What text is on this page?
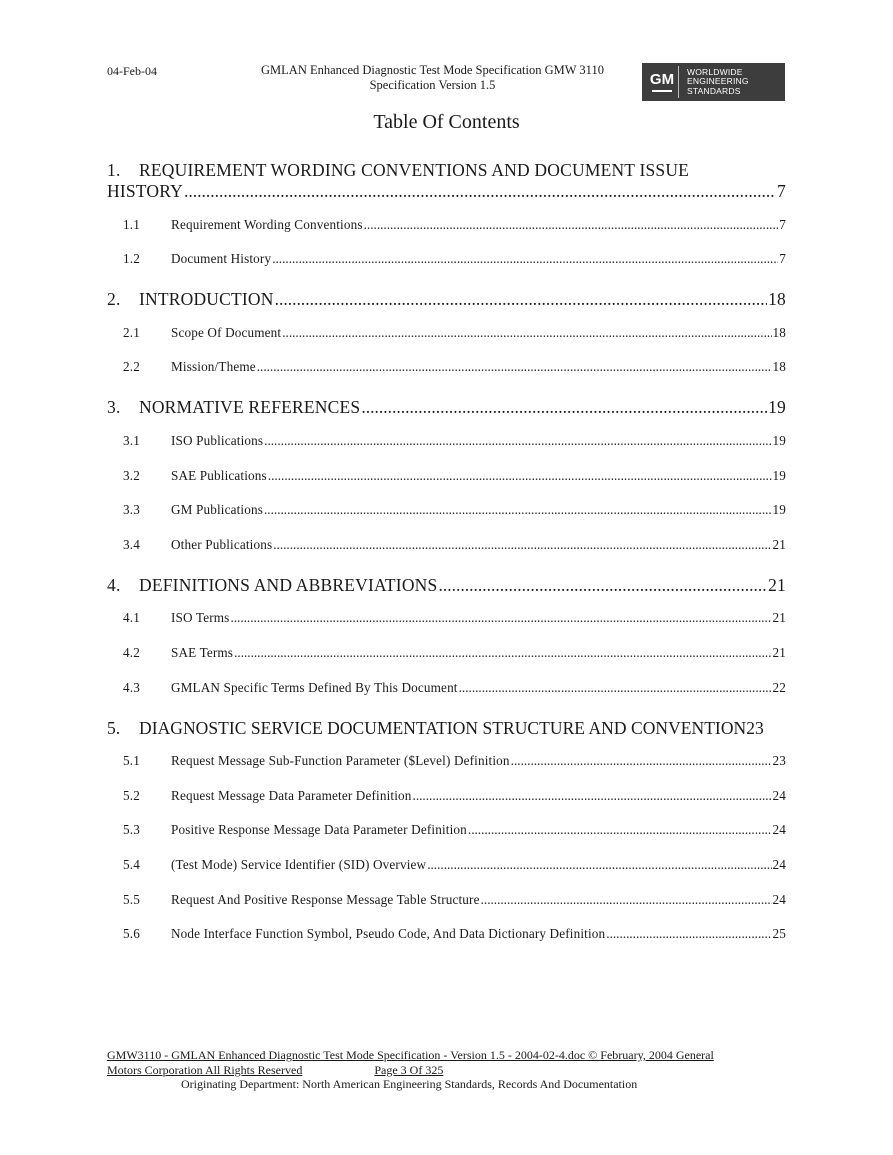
04-Feb-04	GMLAN Enhanced Diagnostic Test Mode Specification GMW 3110
Specification Version 1.5	GM WORLDWIDE
ENGINEERING
STANDARDS
Table Of Contents
1. REQUIREMENT WORDING CONVENTIONS AND DOCUMENT ISSUE
HISTORY .....	7
1.1	Requirement Wording Conventions .....	7
1.2	Document History .....	7
2.	INTRODUCTION .....	18
2.1	Scope Of Document .....	18
2.2	Mission/Theme .....	18
3.	NORMATIVE REFERENCES .....	19
3.1	ISO Publications .....	19
3.2	SAE Publications .....	19
3.3	GM Publications .....	19
3.4	Other Publications .....	21
4.	DEFINITIONS AND ABBREVIATIONS .....	21
4.1	ISO Terms .....	21
4.2	SAE Terms .....	21
4.3	GMLAN Specific Terms Defined By This Document .....	22
5.	DIAGNOSTIC SERVICE DOCUMENTATION STRUCTURE AND CONVENTION 23
5.1	Request Message Sub-Function Parameter ($Level) Definition .....	23
5.2	Request Message Data Parameter Definition .....	24
5.3	Positive Response Message Data Parameter Definition .....	24
5.4	(Test Mode) Service Identifier (SID) Overview .....	24
5.5	Request And Positive Response Message Table Structure .....	24
5.6	Node Interface Function Symbol, Pseudo Code, And Data Dictionary Definition .....	25
GMW3110 - GMLAN Enhanced Diagnostic Test Mode Specification - Version 1.5 - 2004-02-4.doc © February, 2004 General
Motors Corporation All Rights Reserved	Page 3 Of 325
Originating Department: North American Engineering Standards, Records And Documentation
